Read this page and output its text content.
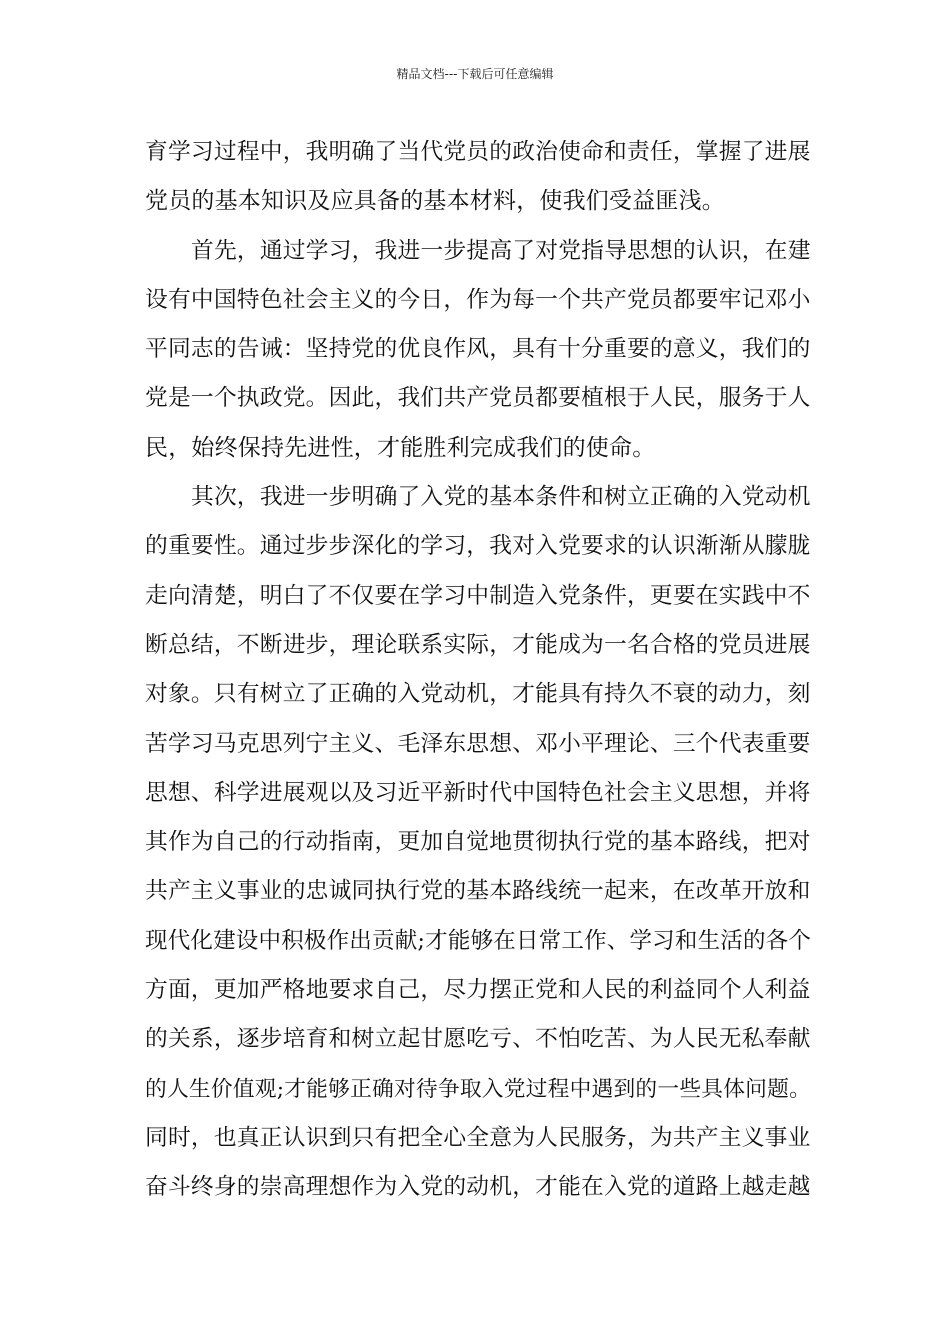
精品文档---下载后可任意编辑
育学习过程中，我明确了当代党员的政治使命和责任，掌握了进展
党员的基本知识及应具备的基本材料，使我们受益匪浅。
首先，通过学习，我进一步提高了对党指导思想的认识，在建
设有中国特色社会主义的今日，作为每一个共产党员都要牢记邓小
平同志的告诫：坚持党的优良作风，具有十分重要的意义，我们的
党是一个执政党。因此，我们共产党员都要植根于人民，服务于人
民，始终保持先进性，才能胜利完成我们的使命。
其次，我进一步明确了入党的基本条件和树立正确的入党动机
的重要性。通过步步深化的学习，我对入党要求的认识渐渐从朦胧
走向清楚，明白了不仅要在学习中制造入党条件，更要在实践中不
断总结，不断进步，理论联系实际，才能成为一名合格的党员进展
对象。只有树立了正确的入党动机，才能具有持久不衰的动力，刻
苦学习马克思列宁主义、毛泽东思想、邓小平理论、三个代表重要
思想、科学进展观以及习近平新时代中国特色社会主义思想，并将
其作为自己的行动指南，更加自觉地贯彻执行党的基本路线，把对
共产主义事业的忠诚同执行党的基本路线统一起来，在改革开放和
现代化建设中积极作出贡献;才能够在日常工作、学习和生活的各个
方面，更加严格地要求自己，尽力摆正党和人民的利益同个人利益
的关系，逐步培育和树立起甘愿吃亏、不怕吃苦、为人民无私奉献
的人生价值观;才能够正确对待争取入党过程中遇到的一些具体问题。
同时，也真正认识到只有把全心全意为人民服务，为共产主义事业
奋斗终身的崇高理想作为入党的动机，才能在入党的道路上越走越
